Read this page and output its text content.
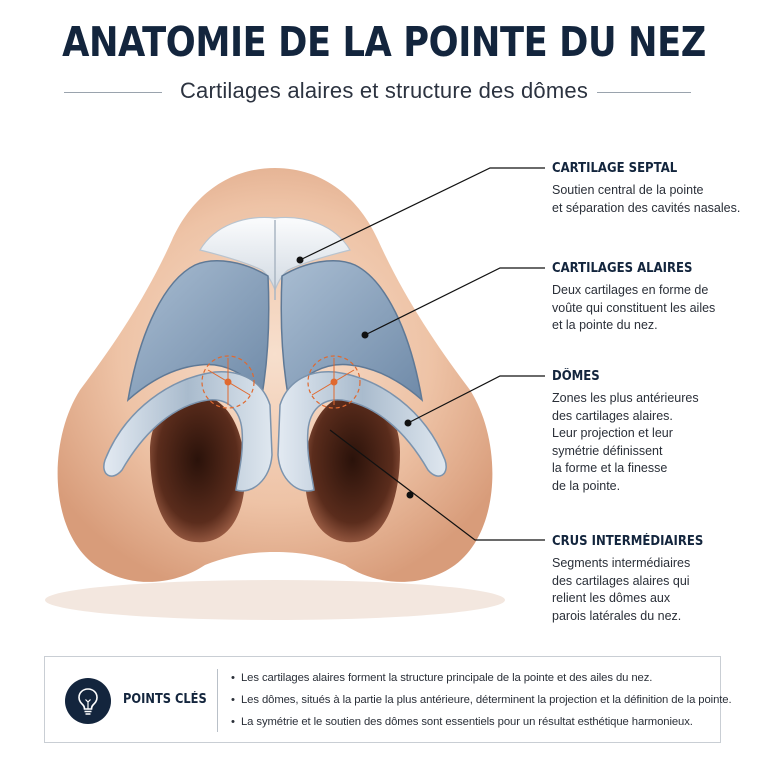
ANATOMIE DE LA POINTE DU NEZ
Cartilages alaires et structure des dômes
CARTILAGE SEPTAL
Soutien central de la pointe
et séparation des cavités nasales.
CARTILAGES ALAIRES
Deux cartilages en forme de
voûte qui constituent les ailes
et la pointe du nez.
DÔMES
Zones les plus antérieures
des cartilages alaires.
Leur projection et leur
symétrie définissent
la forme et la finesse
de la pointe.
CRUS INTERMÉDIAIRES
Segments intermédiaires
des cartilages alaires qui
relient les dômes aux
parois latérales du nez.
POINTS CLÉS
• Les cartilages alaires forment la structure principale de la pointe et des ailes du nez.
• Les dômes, situés à la partie la plus antérieure, déterminent la projection et la définition de la pointe.
• La symétrie et le soutien des dômes sont essentiels pour un résultat esthétique harmonieux.
